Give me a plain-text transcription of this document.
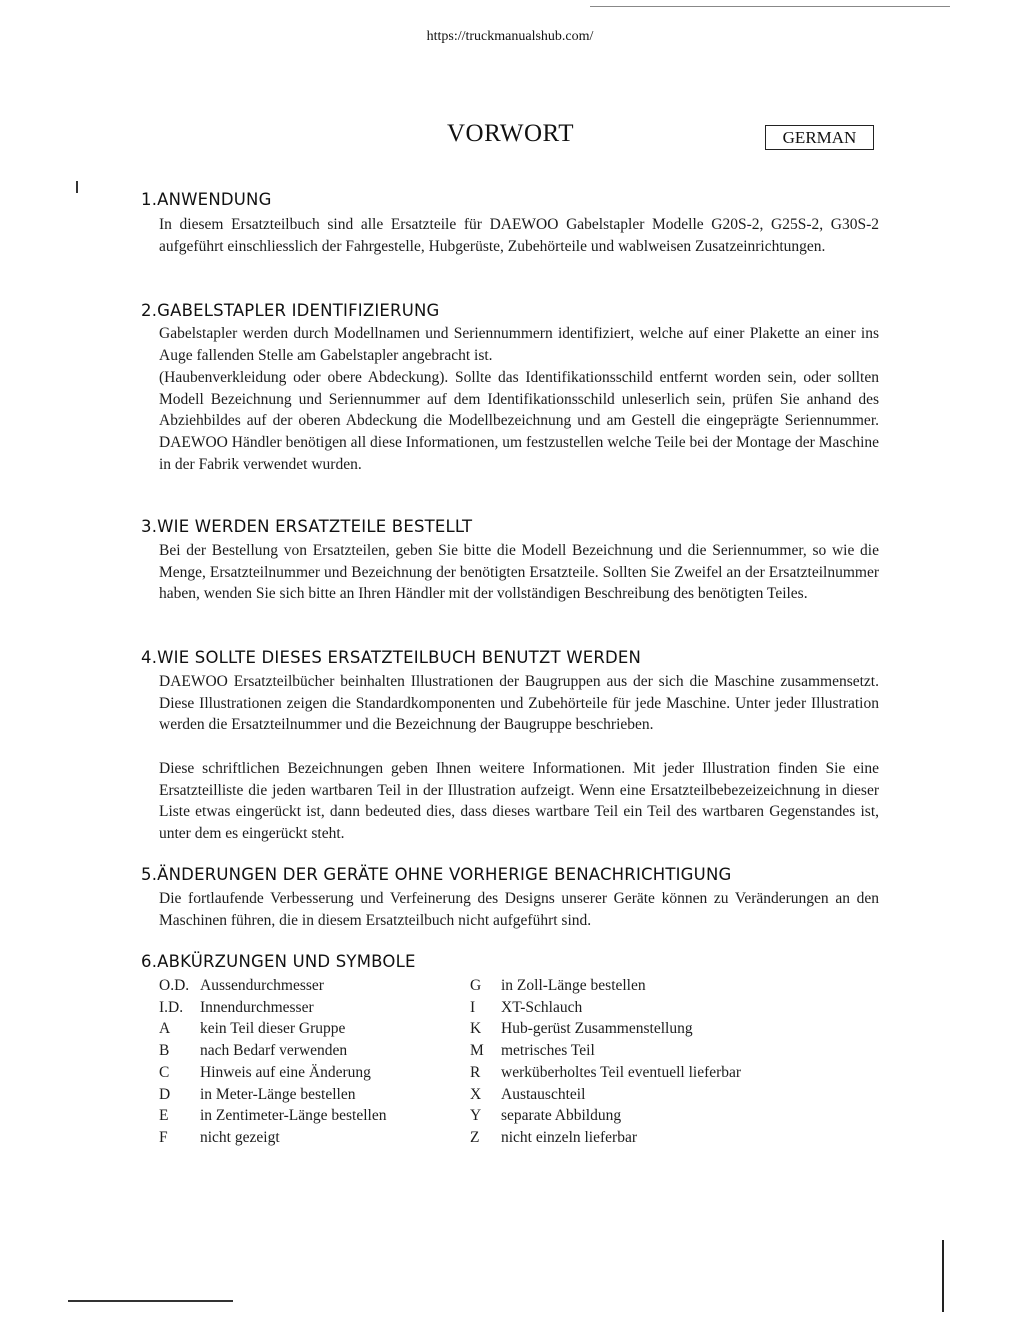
https://truckmanualshub.com/
VORWORT	GERMAN
1.ANWENDUNG
In diesem Ersatzteilbuch sind alle Ersatzteile für DAEWOO Gabelstapler Modelle G20S-2, G25S-2, G30S-2 aufgeführt einschliesslich der Fahrgestelle, Hubgerüste, Zubehörteile und wablweisen Zusatzeinrichtungen.
2.GABELSTAPLER IDENTIFIZIERUNG
Gabelstapler werden durch Modellnamen und Seriennummern identifiziert, welche auf einer Plakette an einer ins Auge fallenden Stelle am Gabelstapler angebracht ist.
(Haubenverkleidung oder obere Abdeckung). Sollte das Identifikationsschild entfernt worden sein, oder sollten Modell Bezeichnung und Seriennummer auf dem Identifikationsschild unleserlich sein, prüfen Sie anhand des Abziehbildes auf der oberen Abdeckung die Modellbezeichnung und am Gestell die eingeprägte Seriennummer. DAEWOO Händler benötigen all diese Informationen, um festzustellen welche Teile bei der Montage der Maschine in der Fabrik verwendet wurden.
3.WIE WERDEN ERSATZTEILE BESTELLT
Bei der Bestellung von Ersatzteilen, geben Sie bitte die Modell Bezeichnung und die Seriennummer, so wie die Menge, Ersatzteilnummer und Bezeichnung der benötigten Ersatzteile. Sollten Sie Zweifel an der Ersatzteilnummer haben, wenden Sie sich bitte an Ihren Händler mit der vollständigen Beschreibung des benötigten Teiles.
4.WIE SOLLTE DIESES ERSATZTEILBUCH BENUTZT WERDEN
DAEWOO Ersatzteilbücher beinhalten Illustrationen der Baugruppen aus der sich die Maschine zusammensetzt. Diese Illustrationen zeigen die Standardkomponenten und Zubehörteile für jede Maschine. Unter jeder Illustration werden die Ersatzteilnummer und die Bezeichnung der Baugruppe beschrieben.
Diese schriftlichen Bezeichnungen geben Ihnen weitere Informationen. Mit jeder Illustration finden Sie eine Ersatzteilliste die jeden wartbaren Teil in der Illustration aufzeigt. Wenn eine Ersatzteilbebezeizeichnung in dieser Liste etwas eingerückt ist, dann bedeuted dies, dass dieses wartbare Teil ein Teil des wartbaren Gegenstandes ist, unter dem es eingerückt steht.
5.ÄNDERUNGEN DER GERÄTE OHNE VORHERIGE BENACHRICHTIGUNG
Die fortlaufende Verbesserung und Verfeinerung des Designs unserer Geräte können zu Veränderungen an den Maschinen führen, die in diesem Ersatzteilbuch nicht aufgeführt sind.
6.ABKÜRZUNGEN UND SYMBOLE
O.D. Aussendurchmesser
I.D.	Innendurchmesser
A	kein Teil dieser Gruppe
B	nach Bedarf verwenden
C	Hinweis auf eine Änderung
D	in Meter-Länge bestellen
E	in Zentimeter-Länge bestellen
F	nicht gezeigt
G	in Zoll-Länge bestellen
I	XT-Schlauch
K	Hub-gerüst Zusammenstellung
M	metrisches Teil
R	werküberholtes Teil eventuell lieferbar
X	Austauschteil
Y	separate Abbildung
Z	nicht einzeln lieferbar
